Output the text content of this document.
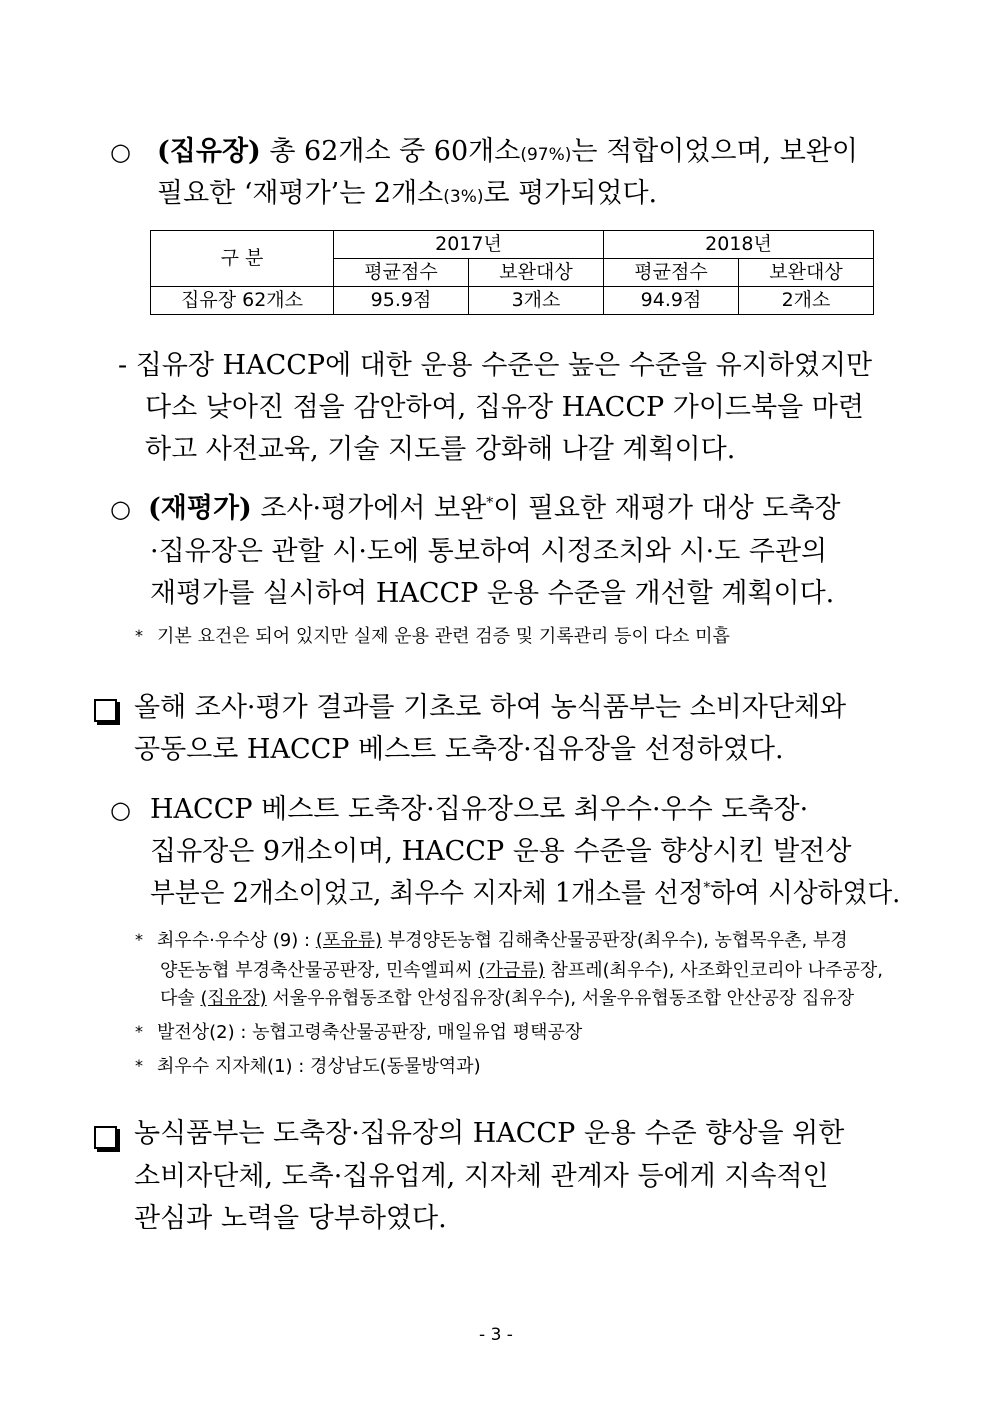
○ (집유장) 총 62개소 중 60개소(97%)는 적합이었으며, 보완이
필요한 ‘재평가’는 2개소(3%)로 평가되었다.
구 분	2017년		2018년	
	평균점수	보완대상	평균점수	보완대상
집유장 62개소	95.9점	3개소	94.9점	2개소
- 집유장 HACCP에 대한 운용 수준은 높은 수준을 유지하였지만
다소 낮아진 점을 감안하여, 집유장 HACCP 가이드북을 마련
하고 사전교육, 기술 지도를 강화해 나갈 계획이다.
○ (재평가) 조사·평가에서 보완*이 필요한 재평가 대상 도축장
·집유장은 관할 시·도에 통보하여 시정조치와 시·도 주관의
재평가를 실시하여 HACCP 운용 수준을 개선할 계획이다.
* 기본 요건은 되어 있지만 실제 운용 관련 검증 및 기록관리 등이 다소 미흡
올해 조사·평가 결과를 기초로 하여 농식품부는 소비자단체와
공동으로 HACCP 베스트 도축장·집유장을 선정하였다.
○ HACCP 베스트 도축장·집유장으로 최우수·우수 도축장·
집유장은 9개소이며, HACCP 운용 수준을 향상시킨 발전상
부분은 2개소이었고, 최우수 지자체 1개소를 선정*하여 시상하였다.
* 최우수·우수상 (9) : (포유류) 부경양돈농협 김해축산물공판장(최우수), 농협목우촌, 부경
양돈농협 부경축산물공판장, 민속엘피씨 (가금류) 참프레(최우수), 사조화인코리아 나주공장,
다솔 (집유장) 서울우유협동조합 안성집유장(최우수), 서울우유협동조합 안산공장 집유장
* 발전상(2) : 농협고령축산물공판장, 매일유업 평택공장
* 최우수 지자체(1) : 경상남도(동물방역과)
농식품부는 도축장·집유장의 HACCP 운용 수준 향상을 위한
소비자단체, 도축·집유업계, 지자체 관계자 등에게 지속적인
관심과 노력을 당부하였다.
- 3 -
